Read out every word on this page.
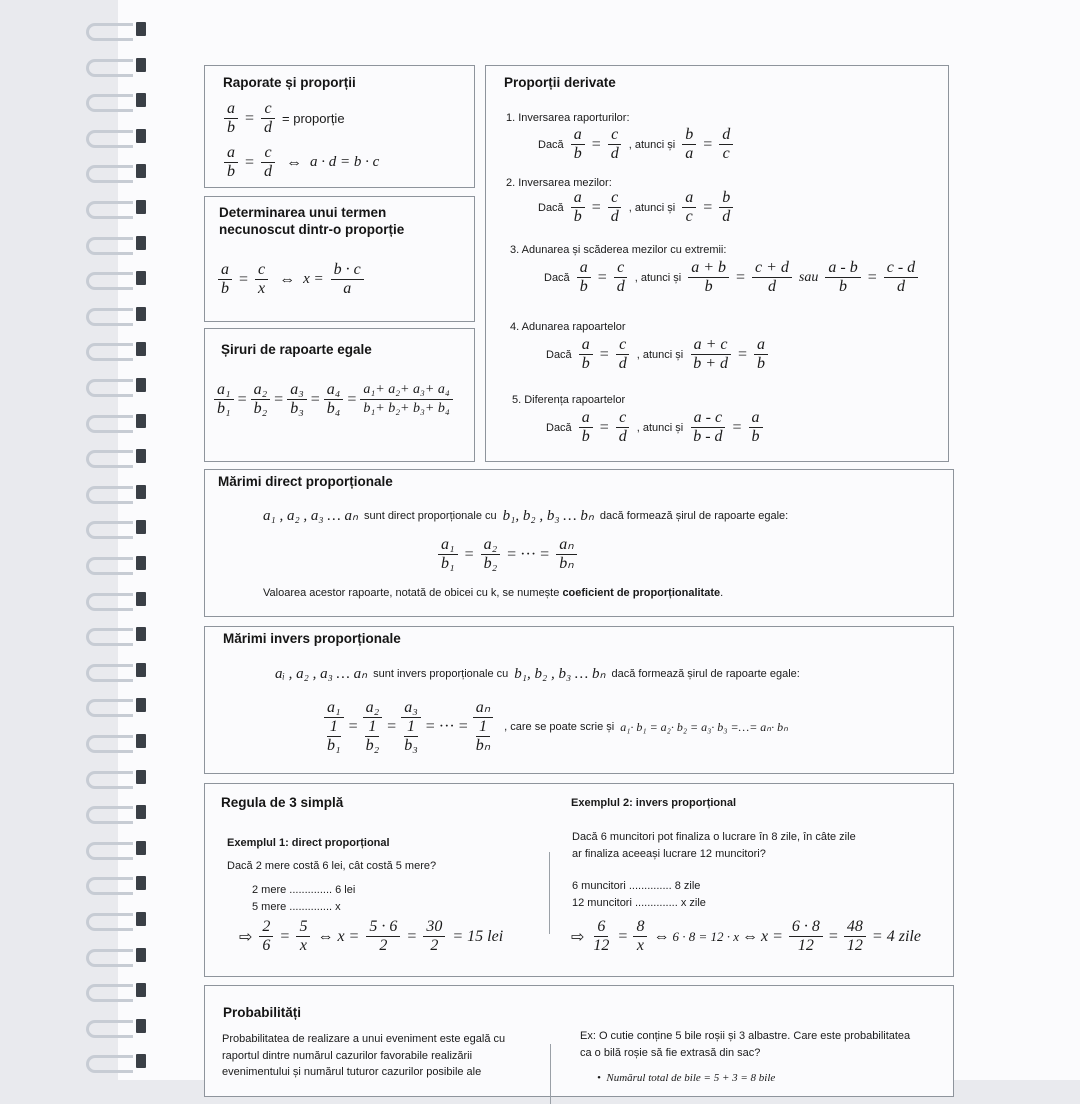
Raporate și proporții
$\frac{a}{b} = \frac{c}{d}$ = proporție
$\frac{a}{b} = \frac{c}{d}$ ⇔ a · d = b · c
Determinarea unui termen
necunoscut dintr-o proporție
$\frac{a}{b} = \frac{c}{x}$ ⇔ $x = \frac{b \cdot c}{a}$
Șiruri de rapoarte egale
$\frac{\text{a₁}}{\text{b₁}} = \frac{\text{a₂}}{\text{b₂}} = \frac{\text{a₃}}{\text{b₃}} = \frac{\text{a₄}}{\text{b₄}} = \frac{\text{a₁+ a₂+ a₃+ a₄}}{\text{b₁+ b₂+ b₃+ b₄}}$
Proporții derivate
1. Inversarea raporturilor:
Dacă $\frac{a}{b} = \frac{c}{d}$ , atunci și $\frac{b}{a} = \frac{d}{c}$
2. Inversarea mezilor:
Dacă $\frac{a}{b} = \frac{c}{d}$ , atunci și $\frac{a}{c} = \frac{b}{d}$
3. Adunarea și scăderea mezilor cu extremii:
Dacă $\frac{a}{b} = \frac{c}{d}$ , atunci și $\frac{a + b}{b} = \frac{c + d}{d}$ sau $\frac{a - b}{b} = \frac{c - d}{d}$
4. Adunarea rapoartelor
Dacă $\frac{a}{b} = \frac{c}{d}$ , atunci și $\frac{a + c}{b + d} = \frac{a}{b}$
5. Diferența rapoartelor
Dacă $\frac{a}{b} = \frac{c}{d}$ , atunci și $\frac{a - c}{b - d} = \frac{a}{b}$
Mărimi direct proporționale
a₁ , a₂ , a₃ … aₙ sunt direct proporționale cu b₁, b₂ , b₃ … bₙ dacă formează șirul de rapoarte egale:
$\frac{\text{a₁}}{\text{b₁}} = \frac{\text{a₂}}{\text{b₂}}$ = ··· = $\frac{\text{aₙ}}{\text{bₙ}}$
Valoarea acestor rapoarte, notată de obicei cu k, se numește coeficient de proporționalitate.
Mărimi invers proporționale
aᵢ , a₂ , a₃ … aₙ sunt invers proporționale cu b₁, b₂ , b₃ … bₙ dacă formează șirul de rapoarte egale:
a₁
1
b₁
=
a₂
1
b₂
=
a₃
1
b₃
= ··· =
aₙ
1
bₙ
, care se poate scrie și a₁· b₁ = a₂· b₂ = a₃· b₃ =…= aₙ· bₙ
Regula de 3 simplă
Exemplul 1: direct proporțional
Dacă 2 mere costă 6 lei, cât costă 5 mere?
2 mere .............. 6 lei
5 mere .............. x
⇨ $\frac{2}{6} = \frac{5}{x}$ ⇔ $x = \frac{5 \cdot 6}{2} = \frac{30}{2} = 15$ lei
Exemplul 2: invers proporțional
Dacă 6 muncitori pot finaliza o lucrare în 8 zile, în câte zile
ar finaliza aceeași lucrare 12 muncitori?
6 muncitori .............. 8 zile
12 muncitori .............. x zile
⇨ $\frac{6}{12} = \frac{8}{x}$ ⇔ 6 · 8 = 12 · x ⇔ $x = \frac{6 \cdot 8}{12} = \frac{48}{12} = 4$ zile
Probabilități
Probabilitatea de realizare a unui eveniment este egală cu
raportul dintre numărul cazurilor favorabile realizării
evenimentului și numărul tuturor cazurilor posibile ale
Ex: O cutie conține 5 bile roșii și 3 albastre. Care este probabilitatea
ca o bilă roșie să fie extrasă din sac?
•  Numărul total de bile = 5 + 3 = 8 bile
